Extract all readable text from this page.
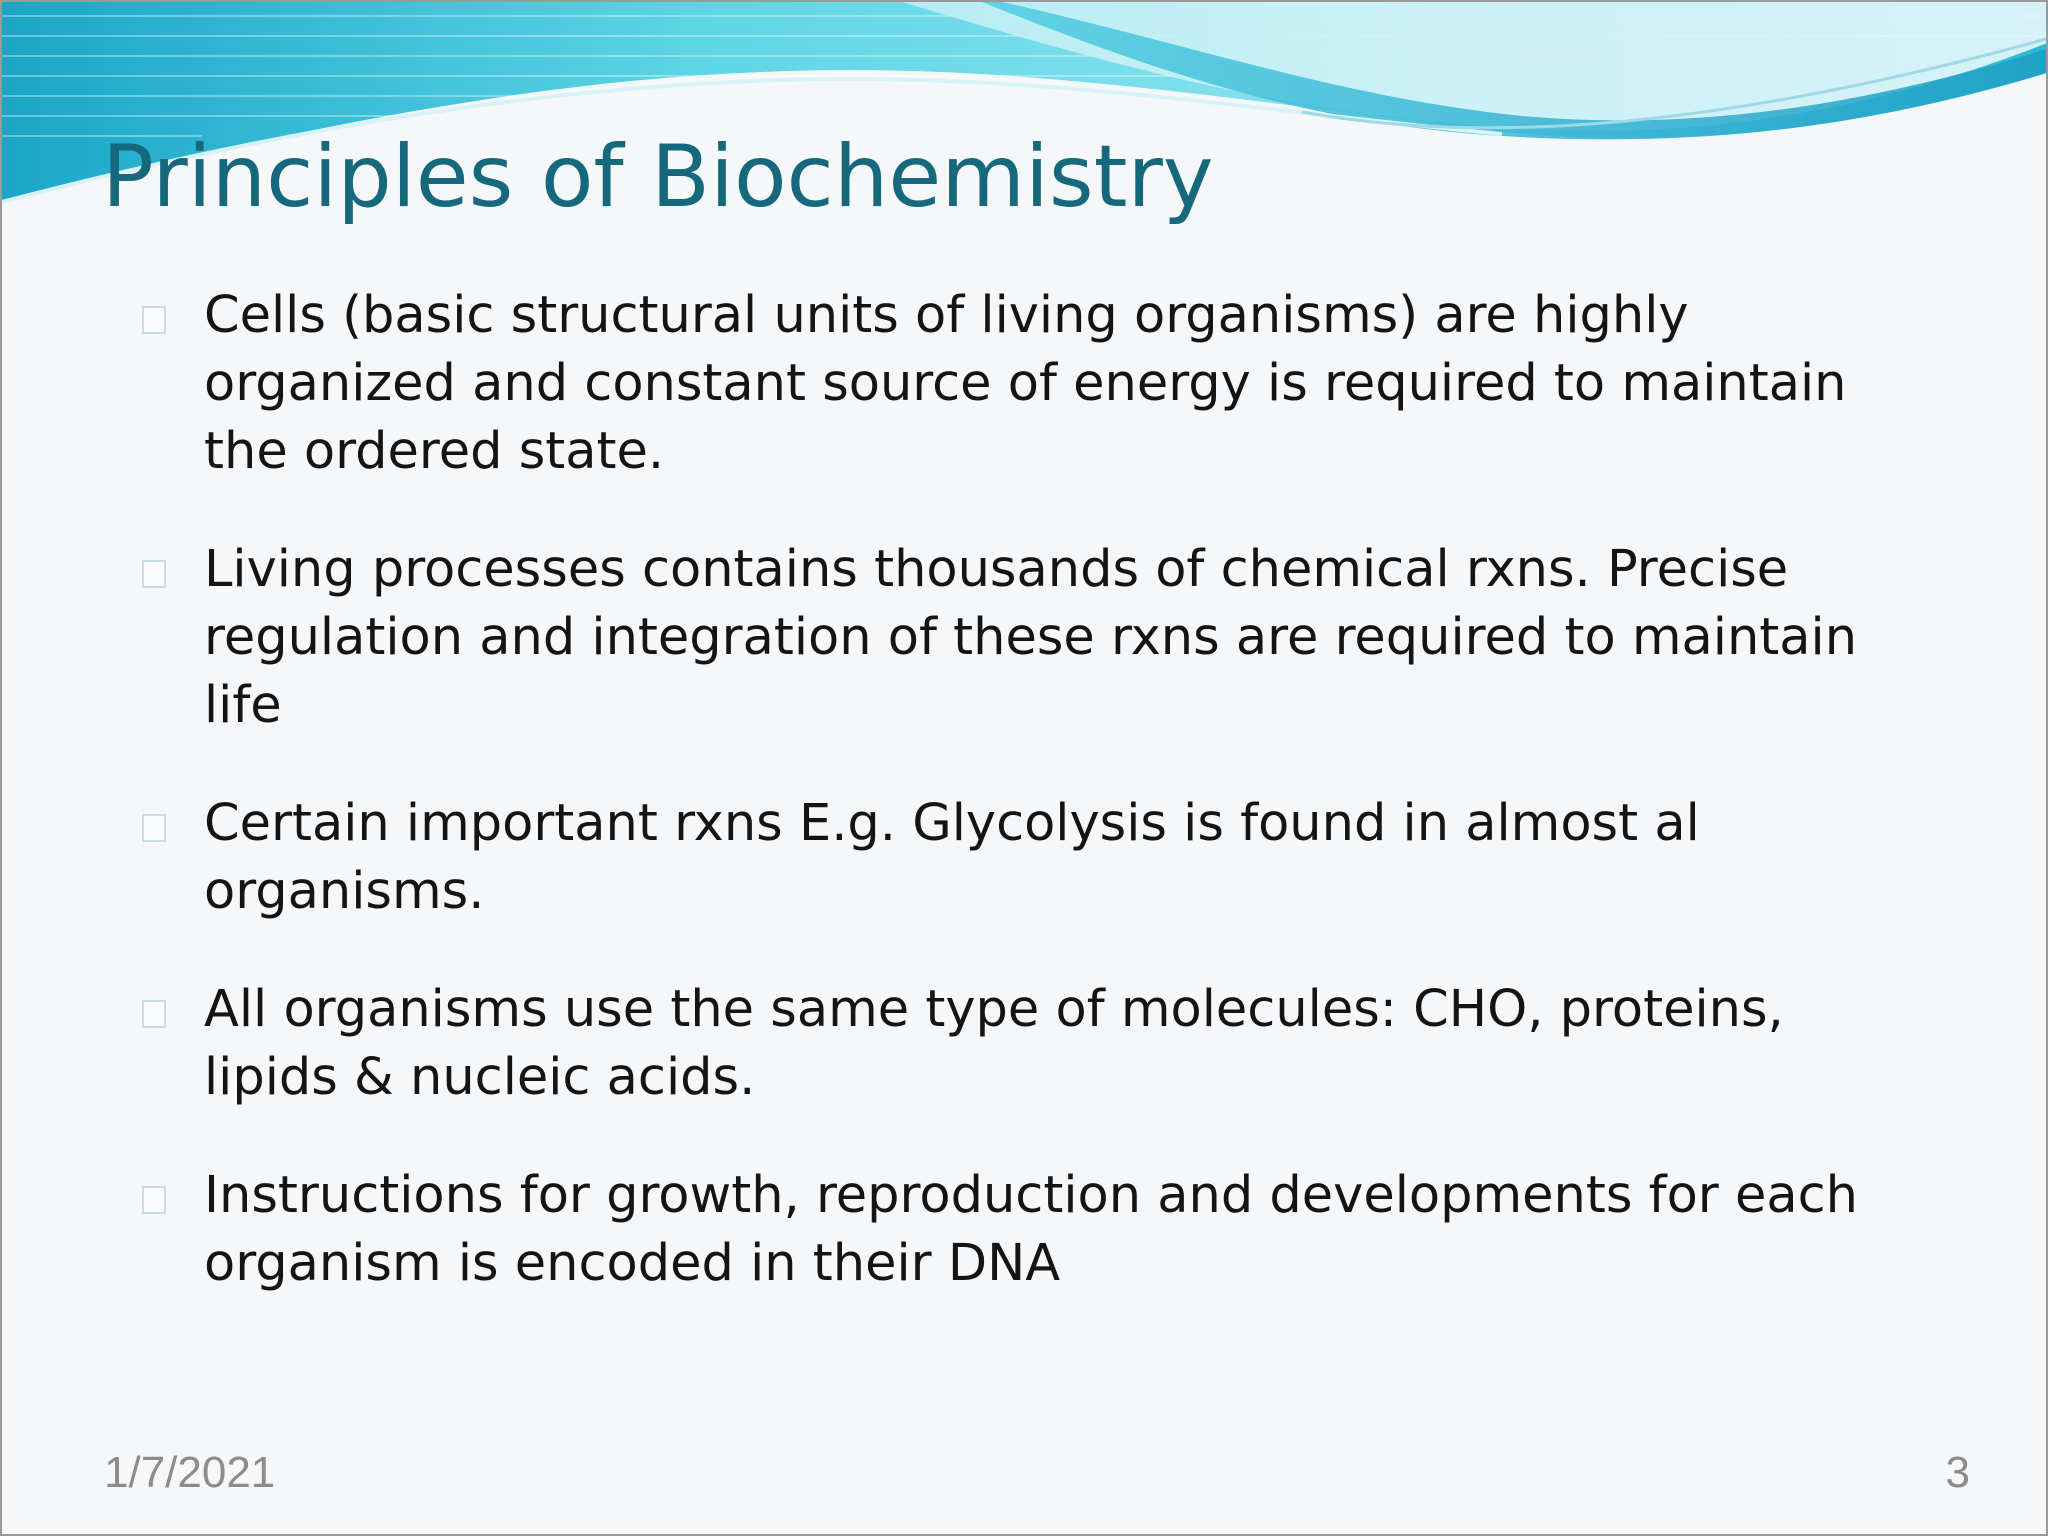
Principles of Biochemistry
Cells (basic structural units of living organisms) are highly organized and constant source of energy is required to maintain the ordered state.
Living processes contains thousands of chemical rxns. Precise regulation and integration of these rxns are required to maintain life
Certain important rxns E.g. Glycolysis is found in almost al organisms.
All organisms use the same type of molecules: CHO, proteins, lipids & nucleic acids.
Instructions for growth, reproduction and developments for each organism is encoded in their DNA
1/7/2021	3
